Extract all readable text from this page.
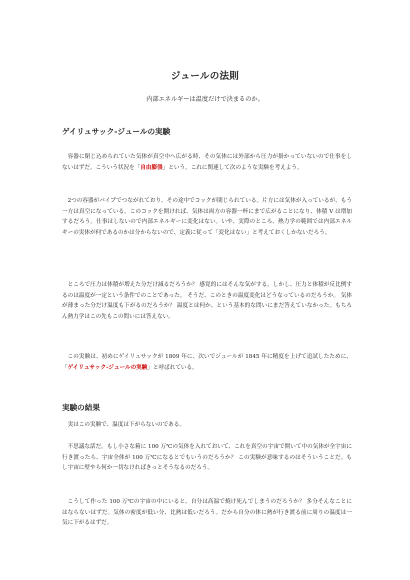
ジュールの法則
内部エネルギーは温度だけで決まるのか。
ゲイリュサック-ジュールの実験

容器に閉じ込められていた気体が真空中へ広がる時、その気体には外部から圧力が掛かっていないので仕事をしないはずだ。こういう状況を「自由膨張」という。これに関連して次のような実験を考えよう。

2つの容器がパイプでつながれており、その途中でコックが閉じられている。片方には気体が入っているが、もう一方は真空になっている。このコックを開ければ、気体は両方の容器一杯にまで広がることになり、体積 V は増加するだろう。仕事はしないので内部エネルギーに変化はない。いや、実際のところ、熱力学の範囲では内部エネルギーの実体が何であるのかは分からないので、定義に従って「変化はない」と考えておくしかないだろう。

ところで圧力は体積が増えた分だけ減るだろうか？ 感覚的にはそんな気がする。しかし、圧力と体積が反比例するのは温度が一定という条件でのことであった。 そうだ、このときの温度変化はどうなっているのだろうか。 気体が薄まった分だけ温度も下がるのだろうか？ 温度とは何か、という基本的な問いにまだ答えていなかった。もちろん熱力学はこの先もこの問いには答えない。

この実験は、初めにゲイリュサックが 1809 年に、次いでジュールが 1845 年に精度を上げて追試したために、「ゲイリュサック-ジュールの実験」と呼ばれている。

実験の結果

実はこの実験で、温度は下がらないのである。

不思議な話だ。もし小さな箱に 100 万℃の気体を入れておいて、これを真空の宇宙で開いて中の気体が全宇宙に行き渡ったら、宇宙全体が 100 万℃になるとでもいうのだろうか？ この実験が意味するのはそういうことだ。もし宇宙に壁やら何か一切なければきっとそうなるのだろう。

こうして作った 100 万℃の宇宙の中にいると、自分は高温で焼け死んでしまうのだろうか？ 多分そんなことにはならないはずだ。気体の密度が低い分、比熱は低いだろう。だから自分の体に熱が行き渡る前に周りの温度は一気に下がるはずだ。
